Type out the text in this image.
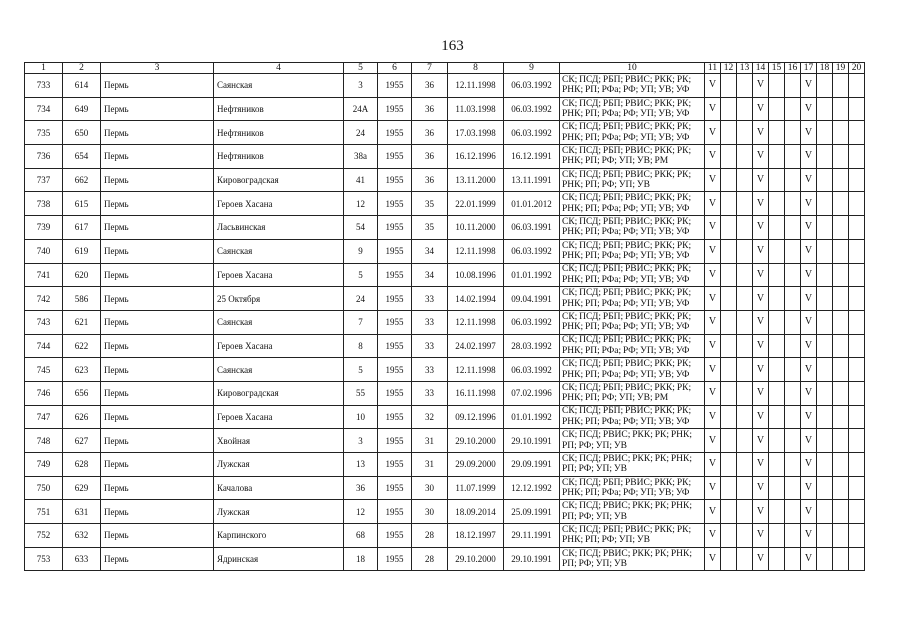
163
1	2	3	4	5	6	7	8	9	10	11	12	13	14	15	16	17	18	19	20
733	614	Пермь	Саянская	3	1955	36	12.11.1998	06.03.1992	СК; ПСД; РБП; РВИС; РКК; РК; РНК; РП; РФа; РФ; УП; УВ; УФ	V			V			V			
734	649	Пермь	Нефтяников	24А	1955	36	11.03.1998	06.03.1992	СК; ПСД; РБП; РВИС; РКК; РК; РНК; РП; РФа; РФ; УП; УВ; УФ	V			V			V			
735	650	Пермь	Нефтяников	24	1955	36	17.03.1998	06.03.1992	СК; ПСД; РБП; РВИС; РКК; РК; РНК; РП; РФа; РФ; УП; УВ; УФ	V			V			V			
736	654	Пермь	Нефтяников	38а	1955	36	16.12.1996	16.12.1991	СК; ПСД; РБП; РВИС; РКК; РК; РНК; РП; РФ; УП; УВ; РМ	V			V			V			
737	662	Пермь	Кировоградская	41	1955	36	13.11.2000	13.11.1991	СК; ПСД; РБП; РВИС; РКК; РК; РНК; РП; РФ; УП; УВ	V			V			V			
738	615	Пермь	Героев Хасана	12	1955	35	22.01.1999	01.01.2012	СК; ПСД; РБП; РВИС; РКК; РК; РНК; РП; РФа; РФ; УП; УВ; УФ	V			V			V			
739	617	Пермь	Ласьвинская	54	1955	35	10.11.2000	06.03.1991	СК; ПСД; РБП; РВИС; РКК; РК; РНК; РП; РФа; РФ; УП; УВ; УФ	V			V			V			
740	619	Пермь	Саянская	9	1955	34	12.11.1998	06.03.1992	СК; ПСД; РБП; РВИС; РКК; РК; РНК; РП; РФа; РФ; УП; УВ; УФ	V			V			V			
741	620	Пермь	Героев Хасана	5	1955	34	10.08.1996	01.01.1992	СК; ПСД; РБП; РВИС; РКК; РК; РНК; РП; РФа; РФ; УП; УВ; УФ	V			V			V			
742	586	Пермь	25 Октября	24	1955	33	14.02.1994	09.04.1991	СК; ПСД; РБП; РВИС; РКК; РК; РНК; РП; РФа; РФ; УП; УВ; УФ	V			V			V			
743	621	Пермь	Саянская	7	1955	33	12.11.1998	06.03.1992	СК; ПСД; РБП; РВИС; РКК; РК; РНК; РП; РФа; РФ; УП; УВ; УФ	V			V			V			
744	622	Пермь	Героев Хасана	8	1955	33	24.02.1997	28.03.1992	СК; ПСД; РБП; РВИС; РКК; РК; РНК; РП; РФа; РФ; УП; УВ; УФ	V			V			V			
745	623	Пермь	Саянская	5	1955	33	12.11.1998	06.03.1992	СК; ПСД; РБП; РВИС; РКК; РК; РНК; РП; РФа; РФ; УП; УВ; УФ	V			V			V			
746	656	Пермь	Кировоградская	55	1955	33	16.11.1998	07.02.1996	СК; ПСД; РБП; РВИС; РКК; РК; РНК; РП; РФ; УП; УВ; РМ	V			V			V			
747	626	Пермь	Героев Хасана	10	1955	32	09.12.1996	01.01.1992	СК; ПСД; РБП; РВИС; РКК; РК; РНК; РП; РФа; РФ; УП; УВ; УФ	V			V			V			
748	627	Пермь	Хвойная	3	1955	31	29.10.2000	29.10.1991	СК; ПСД; РВИС; РКК; РК; РНК; РП; РФ; УП; УВ	V			V			V			
749	628	Пермь	Лужская	13	1955	31	29.09.2000	29.09.1991	СК; ПСД; РВИС; РКК; РК; РНК; РП; РФ; УП; УВ	V			V			V			
750	629	Пермь	Качалова	36	1955	30	11.07.1999	12.12.1992	СК; ПСД; РБП; РВИС; РКК; РК; РНК; РП; РФа; РФ; УП; УВ; УФ	V			V			V			
751	631	Пермь	Лужская	12	1955	30	18.09.2014	25.09.1991	СК; ПСД; РВИС; РКК; РК; РНК; РП; РФ; УП; УВ	V			V			V			
752	632	Пермь	Карпинского	68	1955	28	18.12.1997	29.11.1991	СК; ПСД; РБП; РВИС; РКК; РК; РНК; РП; РФ; УП; УВ	V			V			V			
753	633	Пермь	Ядринская	18	1955	28	29.10.2000	29.10.1991	СК; ПСД; РВИС; РКК; РК; РНК; РП; РФ; УП; УВ	V			V			V			
